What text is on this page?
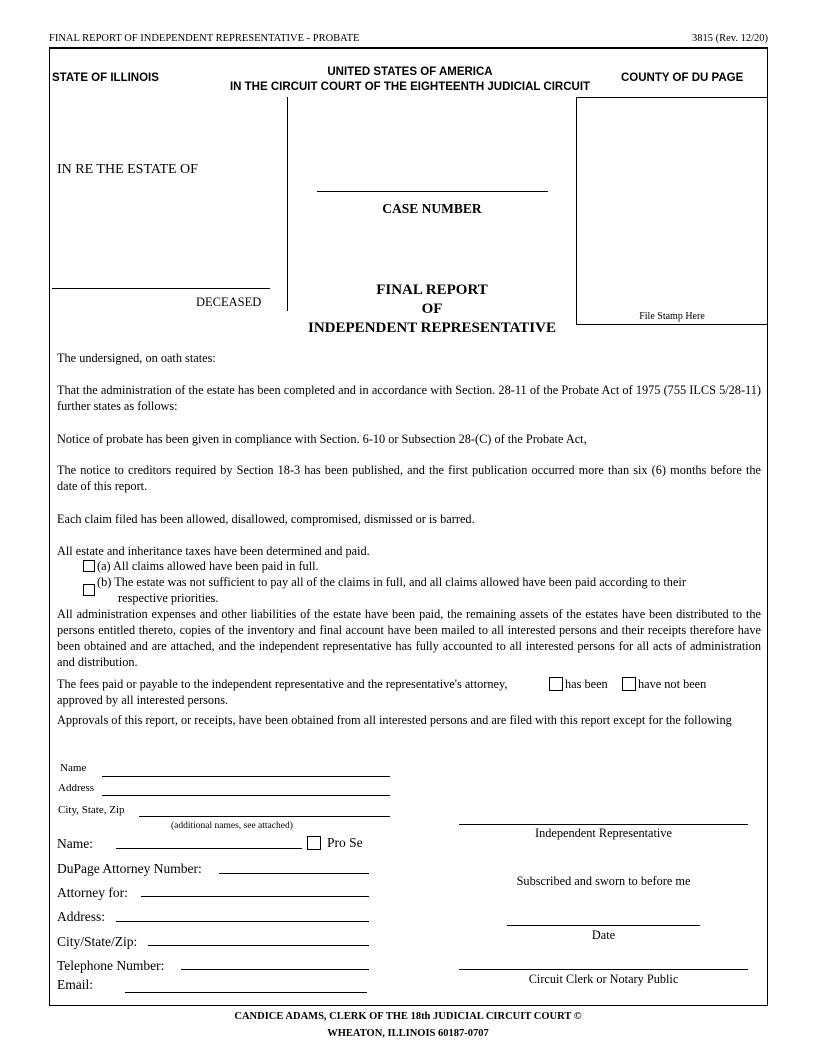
FINAL REPORT OF INDEPENDENT REPRESENTATIVE - PROBATE	3815 (Rev. 12/20)
STATE OF ILLINOIS	UNITED STATES OF AMERICA
IN THE CIRCUIT COURT OF THE EIGHTEENTH JUDICIAL CIRCUIT
COUNTY OF DU PAGE
IN RE THE ESTATE OF
DECEASED
CASE NUMBER
FINAL REPORT
OF
INDEPENDENT REPRESENTATIVE
File Stamp Here

The undersigned, on oath states:

That the administration of the estate has been completed and in accordance with Section. 28-11 of the Probate Act of 1975 (755 ILCS 5/28-11) further states as follows:

Notice of probate has been given in compliance with Section. 6-10 or Subsection 28-(C) of the Probate Act,

The notice to creditors required by Section 18-3 has been published, and the first publication occurred more than six (6) months before the date of this report.

Each claim filed has been allowed, disallowed, compromised, dismissed or is barred.

All estate and inheritance taxes have been determined and paid.

(a) All claims allowed have been paid in full.
(b) The estate was not sufficient to pay all of the claims in full, and all claims allowed have been paid according to their
respective priorities.

All administration expenses and other liabilities of the estate have been paid, the remaining assets of the estates have been distributed to the persons entitled thereto, copies of the inventory and final account have been mailed to all interested persons and their receipts therefore have been obtained and are attached, and the independent representative has fully accounted to all interested persons for all acts of administration and distribution.

The fees paid or payable to the independent representative and the representative's attorney,	has been have not been
approved by all interested persons.

Approvals of this report, or receipts, have been obtained from all interested persons and are filed with this report except for the following

Name
Address
City, State, Zip
(additional names, see attached)
Name:	Pro Se
DuPage Attorney Number:
Attorney for:
Address:
City/State/Zip:
Telephone Number:
Email:
Independent Representative
Subscribed and sworn to before me
Date
Circuit Clerk or Notary Public
CANDICE ADAMS, CLERK OF THE 18th JUDICIAL CIRCUIT COURT ©
WHEATON, ILLINOIS 60187-0707
